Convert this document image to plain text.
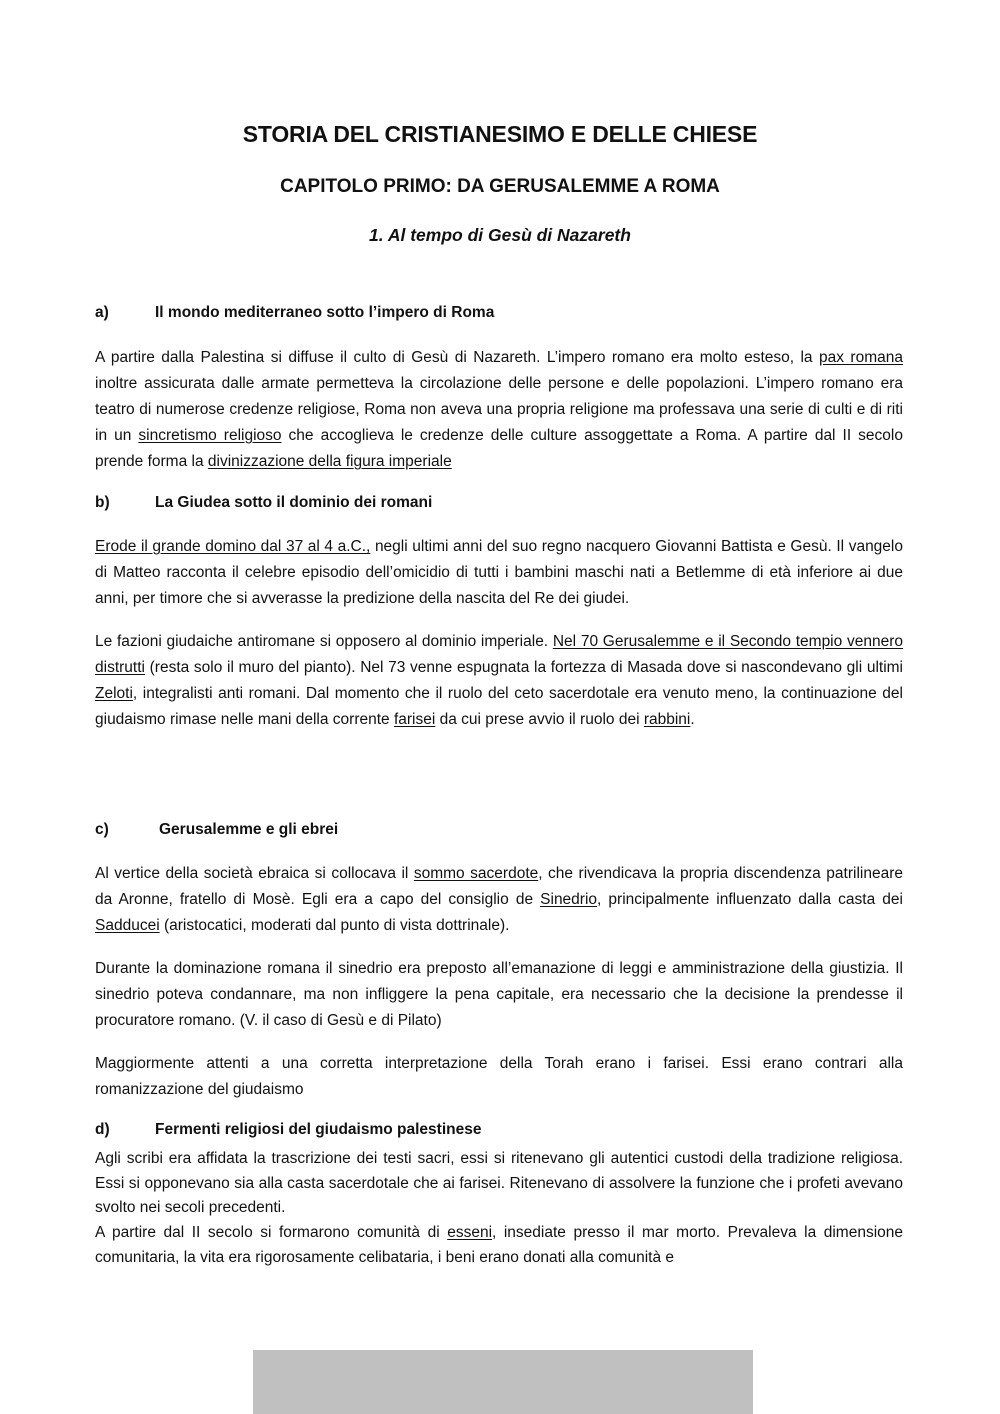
STORIA DEL CRISTIANESIMO E DELLE CHIESE
CAPITOLO PRIMO: DA GERUSALEMME A ROMA
1. Al tempo di Gesù di Nazareth
a)	Il mondo mediterraneo sotto l’impero di Roma

A partire dalla Palestina si diffuse il culto di Gesù di Nazareth. L’impero romano era molto esteso, la pax romana inoltre assicurata dalle armate permetteva la circolazione delle persone e delle popolazioni. L’impero romano era teatro di numerose credenze religiose, Roma non aveva una propria religione ma professava una serie di culti e di riti in un sincretismo religioso che accoglieva le credenze delle culture assoggettate a Roma. A partire dal II secolo prende forma la divinizzazione della figura imperiale

b)	La Giudea sotto il dominio dei romani

Erode il grande domino dal 37 al 4 a.C., negli ultimi anni del suo regno nacquero Giovanni Battista e Gesù. Il vangelo di Matteo racconta il celebre episodio dell’omicidio di tutti i bambini maschi nati a Betlemme di età inferiore ai due anni, per timore che si avverasse la predizione della nascita del Re dei giudei.

Le fazioni giudaiche antiromane si opposero al dominio imperiale. Nel 70 Gerusalemme e il Secondo tempio vennero distrutti (resta solo il muro del pianto). Nel 73 venne espugnata la fortezza di Masada dove si nascondevano gli ultimi Zeloti, integralisti anti romani. Dal momento che il ruolo del ceto sacerdotale era venuto meno, la continuazione del giudaismo rimase nelle mani della corrente farisei da cui prese avvio il ruolo dei rabbini.

c)	Gerusalemme e gli ebrei

Al vertice della società ebraica si collocava il sommo sacerdote, che rivendicava la propria discendenza patrilineare da Aronne, fratello di Mosè. Egli era a capo del consiglio de Sinedrio, principalmente influenzato dalla casta dei Sadducei (aristocatici, moderati dal punto di vista dottrinale).

Durante la dominazione romana il sinedrio era preposto all’emanazione di leggi e amministrazione della giustizia. Il sinedrio poteva condannare, ma non infliggere la pena capitale, era necessario che la decisione la prendesse il procuratore romano. (V. il caso di Gesù e di Pilato)

Maggiormente attenti a una corretta interpretazione della Torah erano i farisei. Essi erano contrari alla romanizzazione del giudaismo

d)	Fermenti religiosi del giudaismo palestinese

Agli scribi era affidata la trascrizione dei testi sacri, essi si ritenevano gli autentici custodi della tradizione religiosa. Essi si opponevano sia alla casta sacerdotale che ai farisei. Ritenevano di assolvere la funzione che i profeti avevano svolto nei secoli precedenti.

A partire dal II secolo si formarono comunità di esseni, insediate presso il mar morto. Prevaleva la dimensione comunitaria, la vita era rigorosamente celibataria, i beni erano donati alla comunità e
